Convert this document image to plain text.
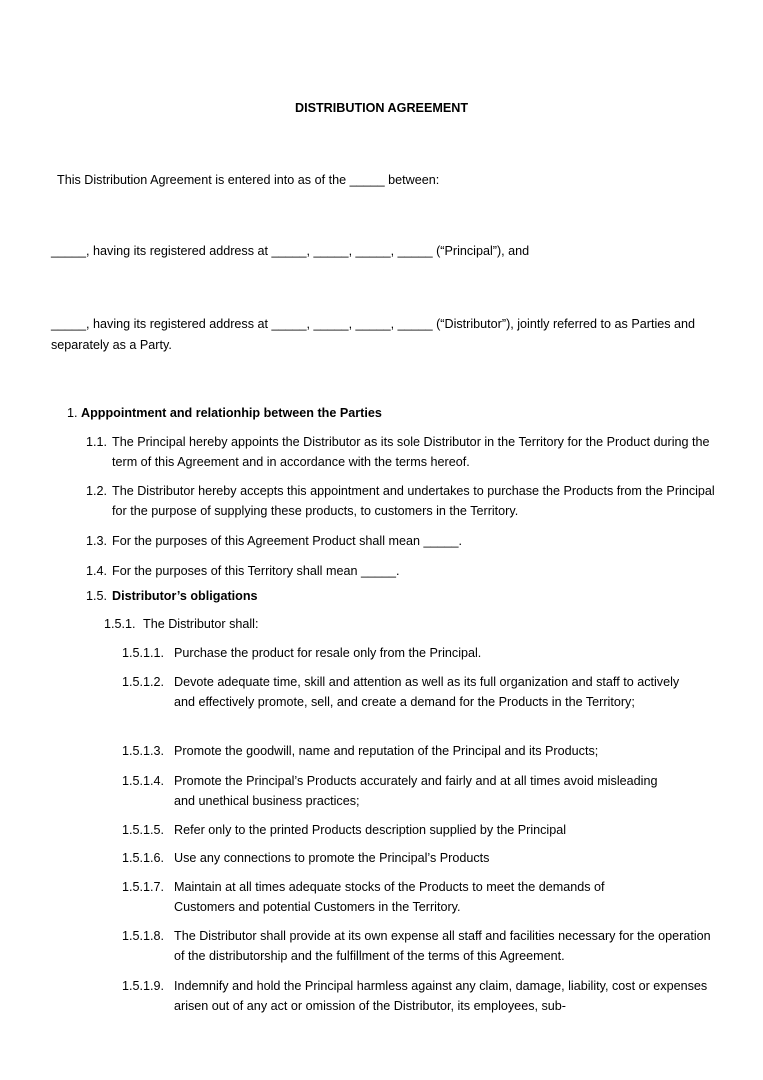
DISTRIBUTION AGREEMENT
This Distribution Agreement is entered into as of the _____ between:
_____, having its registered address at _____, _____, _____, _____ (“Principal”), and
_____, having its registered address at _____, _____, _____, _____ (“Distributor”), jointly referred to as Parties and separately as a Party.
1. Apppointment and relationhip between the Parties
1.1. The Principal hereby appoints the Distributor as its sole Distributor in the Territory for the Product during the term of this Agreement and in accordance with the terms hereof.
1.2. The Distributor hereby accepts this appointment and undertakes to purchase the Products from the Principal for the purpose of supplying these products, to customers in the Territory.
1.3. For the purposes of this Agreement Product shall mean _____.
1.4. For the purposes of this Territory shall mean _____.
1.5. Distributor’s obligations
1.5.1. The Distributor shall:
1.5.1.1. Purchase the product for resale only from the Principal.
1.5.1.2. Devote adequate time, skill and attention as well as its full organization and staff to actively and effectively promote, sell, and create a demand for the Products in the Territory;
1.5.1.3. Promote the goodwill, name and reputation of the Principal and its Products;
1.5.1.4. Promote the Principal’s Products accurately and fairly and at all times avoid misleading and unethical business practices;
1.5.1.5. Refer only to the printed Products description supplied by the Principal
1.5.1.6. Use any connections to promote the Principal’s Products
1.5.1.7. Maintain at all times adequate stocks of the Products to meet the demands of Customers and potential Customers in the Territory.
1.5.1.8. The Distributor shall provide at its own expense all staff and facilities necessary for the operation of the distributorship and the fulfillment of the terms of this Agreement.
1.5.1.9. Indemnify and hold the Principal harmless against any claim, damage, liability, cost or expenses arisen out of any act or omission of the Distributor, its employees, sub-
